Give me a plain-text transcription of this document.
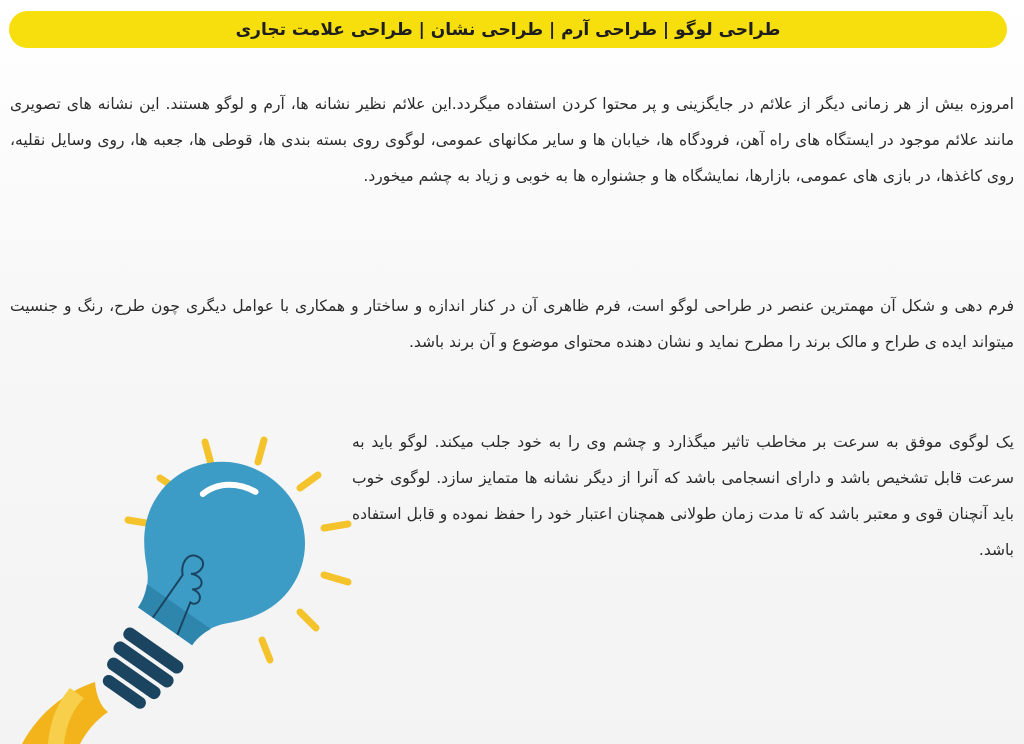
طراحی لوگو | طراحی آرم | طراحی نشان | طراحی علامت تجاری

امروزه بیش از هر زمانی دیگر از علائم در جایگزینی و پر محتوا کردن استفاده میگردد.این علائم نظیر نشانه ها، آرم و لوگو هستند. این نشانه های تصویری مانند علائم موجود در ایستگاه های راه آهن، فرودگاه ها، خیابان ها و سایر مکانهای عمومی، لوگوی روی بسته بندی ها، قوطی ها، جعبه ها، روی وسایل نقلیه، روی کاغذها، در بازی های عمومی، بازارها، نمایشگاه ها و جشنواره ها به خوبی و زیاد به چشم میخورد.

فرم دهی و شکل آن مهمترین عنصر در طراحی لوگو است، فرم ظاهری آن در کنار اندازه و ساختار و همکاری با عوامل دیگری چون طرح، رنگ و جنسیت میتواند ایده ی طراح و مالک برند را مطرح نماید و نشان دهنده محتوای موضوع و آن برند باشد.

یک لوگوی موفق به سرعت بر مخاطب تاثیر میگذارد و چشم وی را به خود جلب میکند. لوگو باید به سرعت قابل تشخیص باشد و دارای انسجامی باشد که آنرا از دیگر نشانه ها متمایز سازد. لوگوی خوب باید آنچنان قوی و معتبر باشد که تا مدت زمان طولانی همچنان اعتبار خود را حفظ نموده و قابل استفاده باشد.
